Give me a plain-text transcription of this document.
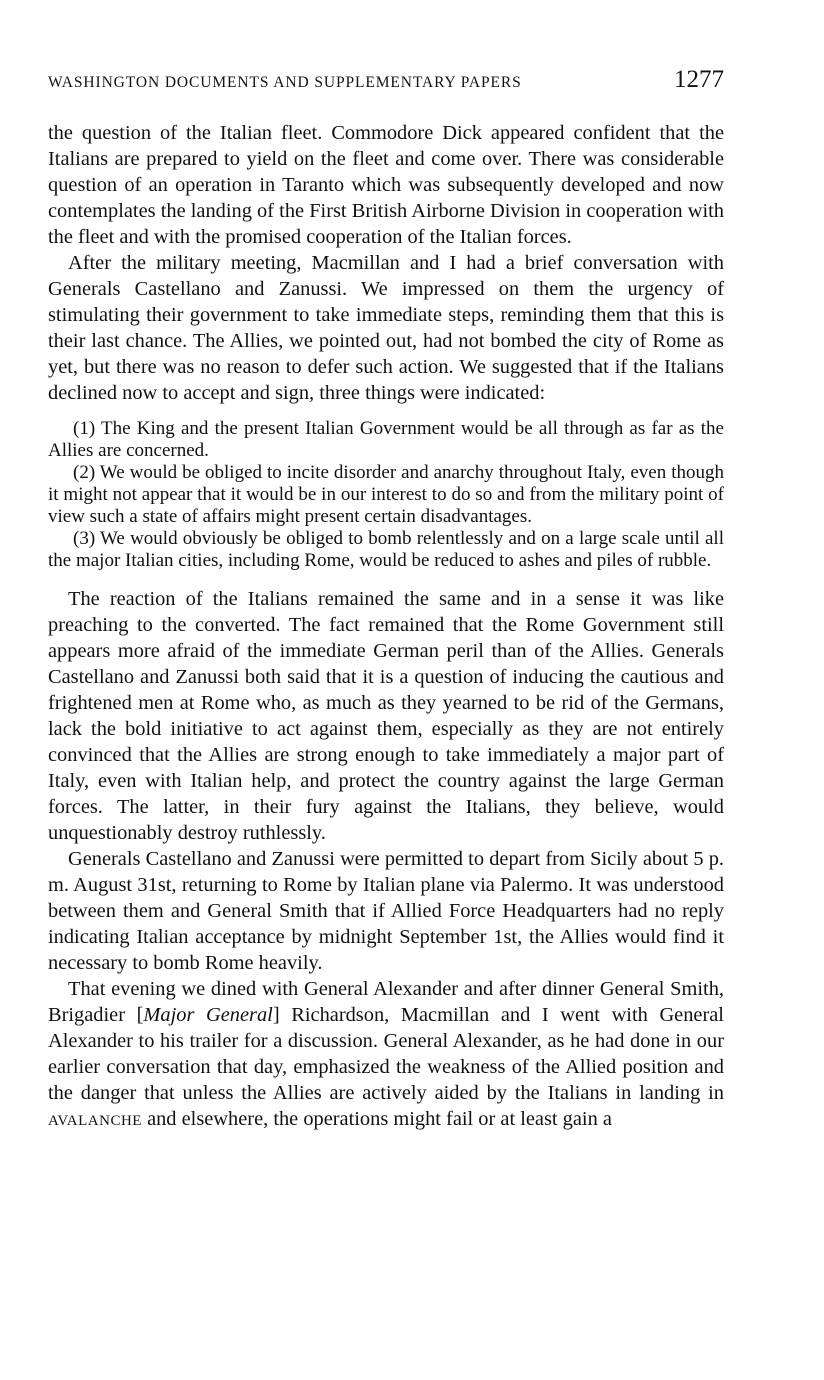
WASHINGTON DOCUMENTS AND SUPPLEMENTARY PAPERS	1277

the question of the Italian fleet. Commodore Dick appeared confident that the Italians are prepared to yield on the fleet and come over. There was considerable question of an operation in Taranto which was subsequently developed and now contemplates the landing of the First British Airborne Division in cooperation with the fleet and with the promised cooperation of the Italian forces.

After the military meeting, Macmillan and I had a brief conversation with Generals Castellano and Zanussi. We impressed on them the urgency of stimulating their government to take immediate steps, reminding them that this is their last chance. The Allies, we pointed out, had not bombed the city of Rome as yet, but there was no reason to defer such action. We suggested that if the Italians declined now to accept and sign, three things were indicated:

(1) The King and the present Italian Government would be all through as far as the Allies are concerned.

(2) We would be obliged to incite disorder and anarchy throughout Italy, even though it might not appear that it would be in our interest to do so and from the military point of view such a state of affairs might present certain disadvantages.

(3) We would obviously be obliged to bomb relentlessly and on a large scale until all the major Italian cities, including Rome, would be reduced to ashes and piles of rubble.

The reaction of the Italians remained the same and in a sense it was like preaching to the converted. The fact remained that the Rome Government still appears more afraid of the immediate German peril than of the Allies. Generals Castellano and Zanussi both said that it is a question of inducing the cautious and frightened men at Rome who, as much as they yearned to be rid of the Germans, lack the bold initiative to act against them, especially as they are not entirely convinced that the Allies are strong enough to take immediately a major part of Italy, even with Italian help, and protect the country against the large German forces. The latter, in their fury against the Italians, they believe, would unquestionably destroy ruthlessly.

Generals Castellano and Zanussi were permitted to depart from Sicily about 5 p. m. August 31st, returning to Rome by Italian plane via Palermo. It was understood between them and General Smith that if Allied Force Headquarters had no reply indicating Italian acceptance by midnight September 1st, the Allies would find it necessary to bomb Rome heavily.

That evening we dined with General Alexander and after dinner General Smith, Brigadier [Major General] Richardson, Macmillan and I went with General Alexander to his trailer for a discussion. General Alexander, as he had done in our earlier conversation that day, emphasized the weakness of the Allied position and the danger that unless the Allies are actively aided by the Italians in landing in AVALANCHE and elsewhere, the operations might fail or at least gain a
